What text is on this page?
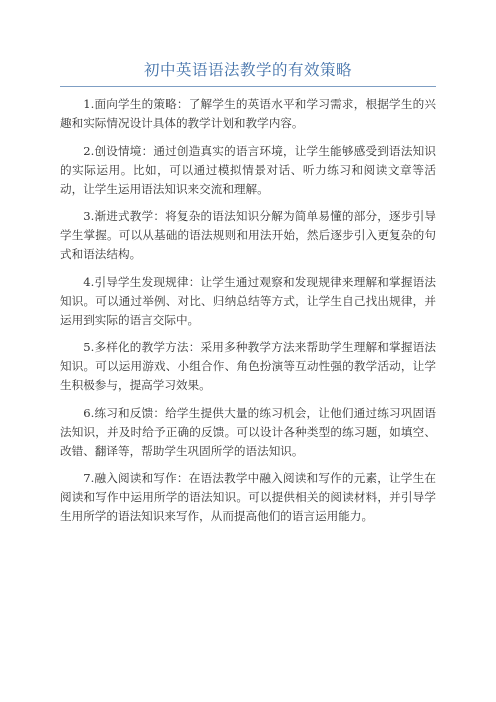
初中英语语法教学的有效策略

1.面向学生的策略：了解学生的英语水平和学习需求，根据学生的兴趣和实际情况设计具体的教学计划和教学内容。

2.创设情境：通过创造真实的语言环境，让学生能够感受到语法知识的实际运用。比如，可以通过模拟情景对话、听力练习和阅读文章等活动，让学生运用语法知识来交流和理解。

3.渐进式教学：将复杂的语法知识分解为简单易懂的部分，逐步引导学生掌握。可以从基础的语法规则和用法开始，然后逐步引入更复杂的句式和语法结构。

4.引导学生发现规律：让学生通过观察和发现规律来理解和掌握语法知识。可以通过举例、对比、归纳总结等方式，让学生自己找出规律，并运用到实际的语言交际中。

5.多样化的教学方法：采用多种教学方法来帮助学生理解和掌握语法知识。可以运用游戏、小组合作、角色扮演等互动性强的教学活动，让学生积极参与，提高学习效果。

6.练习和反馈：给学生提供大量的练习机会，让他们通过练习巩固语法知识，并及时给予正确的反馈。可以设计各种类型的练习题，如填空、改错、翻译等，帮助学生巩固所学的语法知识。

7.融入阅读和写作：在语法教学中融入阅读和写作的元素，让学生在阅读和写作中运用所学的语法知识。可以提供相关的阅读材料，并引导学生用所学的语法知识来写作，从而提高他们的语言运用能力。
